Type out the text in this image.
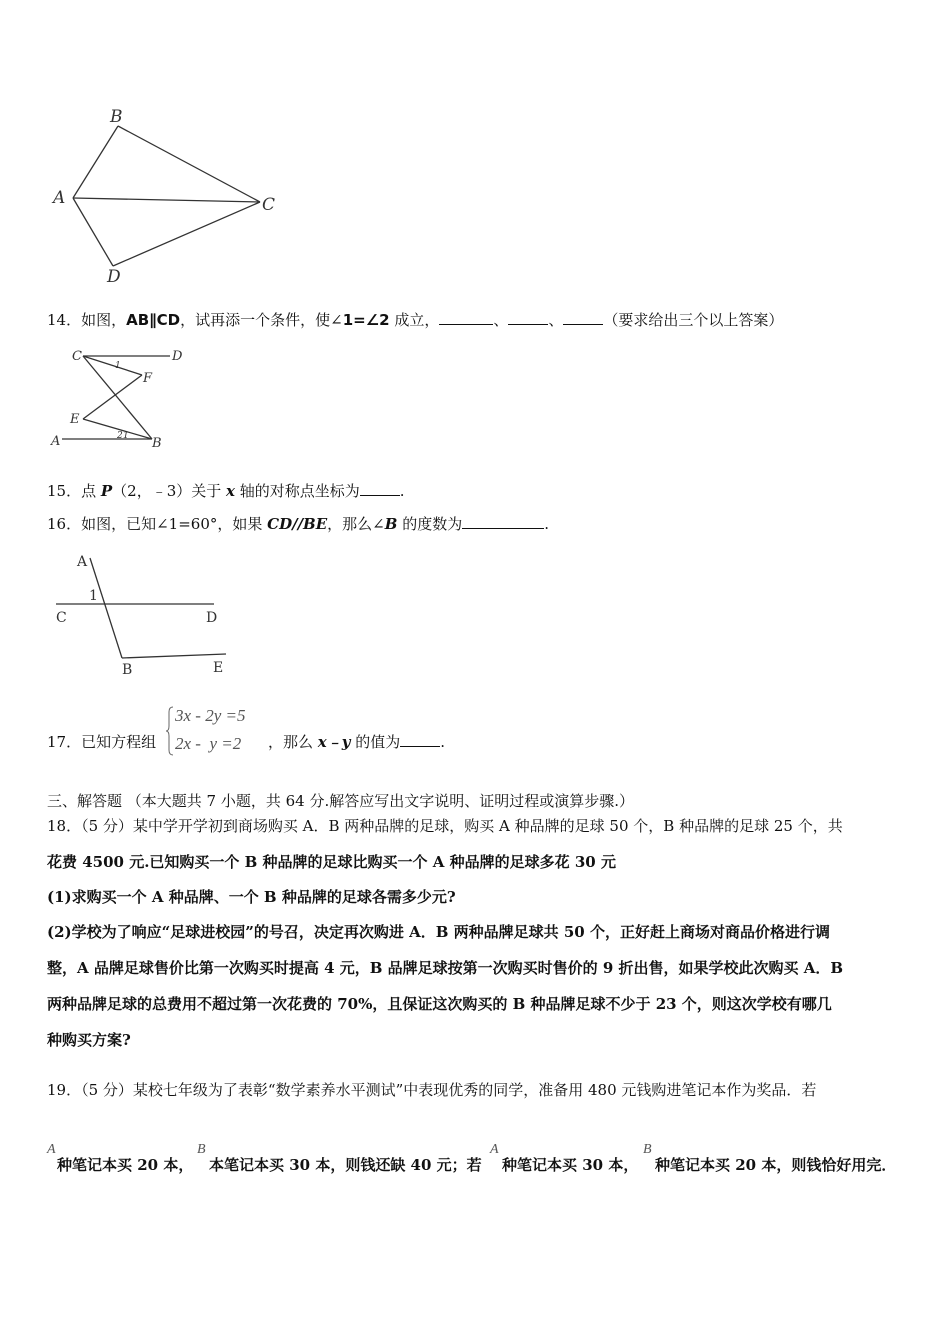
B
A	C
D
14．如图，AB∥CD，试再添一个条件，使∠1=∠2 成立，	、	、	（要求给出三个以上答案）
C	D
F
E
A	B
1
2 1
15．点 P（2，﹣3）关于 x 轴的对称点坐标为	.
16．如图，已知∠1=60°，如果 CD//BE，那么∠B 的度数为	.
A
1
C	D
B	E
17．已知方程组
3x - 2y =5
2x -  y =2 ，那么 x﹣y 的值为	.
三、解答题 （本大题共 7 小题，共 64 分.解答应写出文字说明、证明过程或演算步骤.）
18．（5 分）某中学开学初到商场购买 A．B 两种品牌的足球，购买 A 种品牌的足球 50 个，B 种品牌的足球 25 个，共
花费 4500 元.已知购买一个 B 种品牌的足球比购买一个 A 种品牌的足球多花 30 元
(1)求购买一个 A 种品牌、一个 B 种品牌的足球各需多少元?
(2)学校为了响应“足球进校园”的号召，决定再次购进 A．B 两种品牌足球共 50 个，正好赶上商场对商品价格进行调
整，A 品牌足球售价比第一次购买时提高 4 元，B 品牌足球按第一次购买时售价的 9 折出售，如果学校此次购买 A．B
两种品牌足球的总费用不超过第一次花费的 70%，且保证这次购买的 B 种品牌足球不少于 23 个，则这次学校有哪几
种购买方案?
19．（5 分）某校七年级为了表彰“数学素养水平测试”中表现优秀的同学，准备用 480 元钱购进笔记本作为奖品．若
A
种笔记本买 20 本，
B
本笔记本买 30 本，则钱还缺 40 元；若
A
种笔记本买 30 本，
B
种笔记本买 20 本，则钱恰好用完．
